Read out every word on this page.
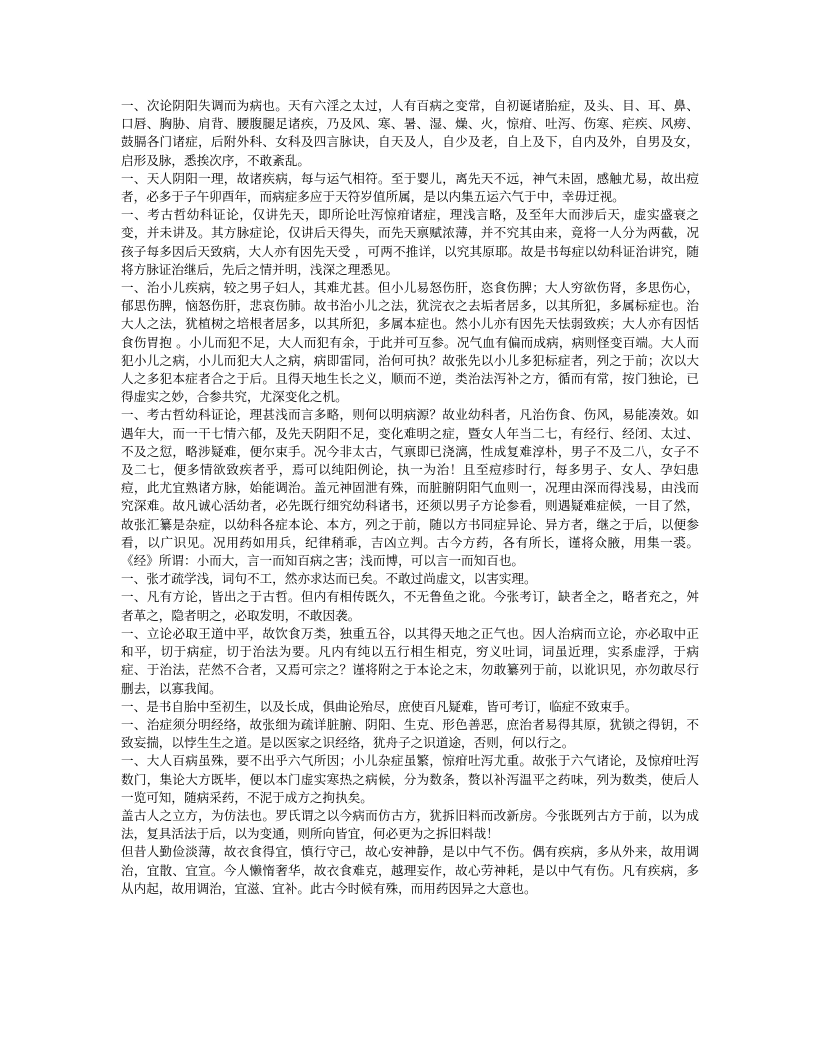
一、次论阴阳失调而为病也。天有六淫之太过，人有百病之变常，自初诞诸胎症，及头、目、耳、鼻、口唇、胸胁、肩背、腰腹腿足诸疾，乃及风、寒、暑、湿、燥、火，惊疳、吐泻、伤寒、疟疾、风痨、鼓膈各门诸症，后附外科、女科及四言脉诀，自天及人，自少及老，自上及下，自内及外，自男及女，启形及脉，悉挨次序，不敢紊乱。

一、天人阴阳一理，故诸疾病，每与运气相符。至于婴儿，离先天不远，神气未固，感触尤易，故出痘者，必多于子午卯酉年，而病症多应于天符岁值所属，是以内集五运六气于中，幸毋迂视。

一、考古哲幼科证论，仅讲先天，即所论吐泻惊疳诸症，理浅言略，及至年大而涉后天，虚实盛衰之变，并未讲及。其方脉症论，仅讲后天得失，而先天禀赋浓薄，并不究其由来，竟将一人分为两截，况孩子每多因后天致病，大人亦有因先天受 ，可两不推详，以究其原耶。故是书每症以幼科证治讲究，随将方脉证治继后，先后之情并明，浅深之理悉见。

一、治小儿疾病，较之男子妇人，其难尤甚。但小儿易怒伤肝，恣食伤脾；大人穷欲伤肾，多思伤心，郁思伤脾，恼怒伤肝，悲哀伤肺。故书治小儿之法，犹浣衣之去垢者居多，以其所犯，多属标症也。治大人之法，犹植树之培根者居多，以其所犯，多属本症也。然小儿亦有因先天怯弱致疾；大人亦有因恬食伤胃抱 。小儿而犯不足，大人而犯有余，于此并可互参。况气血有偏而成病，病则怪变百端。大人而犯小儿之病，小儿而犯大人之病，病即雷同，治何可执？故张先以小儿多犯标症者，列之于前；次以大人之多犯本症者合之于后。且得天地生长之义，顺而不逆，类治法泻补之方，循而有常，按门独论，已得虚实之妙，合参共究，尤深变化之机。

一、考古哲幼科证论，理甚浅而言多略，则何以明病源？故业幼科者，凡治伤食、伤风，易能凑效。如遇年大，而一干七情六郁，及先天阴阳不足，变化难明之症，暨女人年当二七，有经行、经闭、太过、不及之愆，略涉疑难，便尔束手。况今非太古，气禀即已浇漓，性成复难淳朴，男子不及二八，女子不及二七，便多情欲致疾者乎，焉可以纯阳例论，执一为治！且至痘疹时行，每多男子、女人、孕妇患痘，此尤宜熟诸方脉，始能调治。盖元神固泄有殊，而脏腑阴阳气血则一，况理由深而得浅易，由浅而究深难。故凡诚心活幼者，必先既行细究幼科诸书，还须以男子方论参看，则遇疑难症候，一目了然，故张汇纂是杂症，以幼科各症本论、本方，列之于前，随以方书同症异论、异方者，继之于后，以便参看，以广识见。况用药如用兵，纪律稍乖，吉凶立判。古今方药，各有所长，谨将众腋，用集一裘。《经》所谓：小而大，言一而知百病之害；浅而博，可以言一而知百也。

一、张才疏学浅，词句不工，然亦求达而已矣。不敢过尚虚文，以害实理。

一、凡有方论，皆出之于古哲。但内有相传既久，不无鲁鱼之讹。今张考订，缺者全之，略者充之，舛者革之，隐者明之，必取发明，不敢因袭。

一、立论必取王道中平，故饮食万类，独重五谷，以其得天地之正气也。因人治病而立论，亦必取中正和平，切于病症，切于治法为要。凡内有纯以五行相生相克，穷义吐词，词虽近理，实系虚浮，于病症、于治法，茫然不合者，又焉可宗之？谨将附之于本论之末，勿敢纂列于前，以讹识见，亦勿敢尽行删去，以寡我闻。

一、是书自胎中至初生，以及长成，俱曲论殆尽，庶使百凡疑难，皆可考订，临症不致束手。

一、治症须分明经络，故张细为疏详脏腑、阴阳、生克、形色善恶，庶治者易得其原，犹锁之得钥，不致妄揣，以悖生生之道。是以医家之识经络，犹舟子之识道途，否则，何以行之。

一、大人百病虽殊，要不出乎六气所因；小儿杂症虽繁，惊疳吐泻尤重。故张于六气诸论，及惊疳吐泻数门，集论大方既毕，便以本门虚实寒热之病候，分为数条，赘以补泻温平之药味，列为数类，使后人一览可知，随病采药，不泥于成方之拘执矣。

盖古人之立方，为仿法也。罗氏谓之以今病而仿古方，犹拆旧料而改新房。今张既列古方于前，以为成法，复具活法于后，以为变通，则所向皆宜，何必更为之拆旧料哉！

但昔人勤俭淡薄，故衣食得宜，慎行守己，故心安神静，是以中气不伤。偶有疾病，多从外来，故用调治，宜散、宜宣。今人懒惰奢华，故衣食难克，越理妄作，故心劳神耗，是以中气有伤。凡有疾病，多从内起，故用调治，宜滋、宜补。此古今时候有殊，而用药因异之大意也。
